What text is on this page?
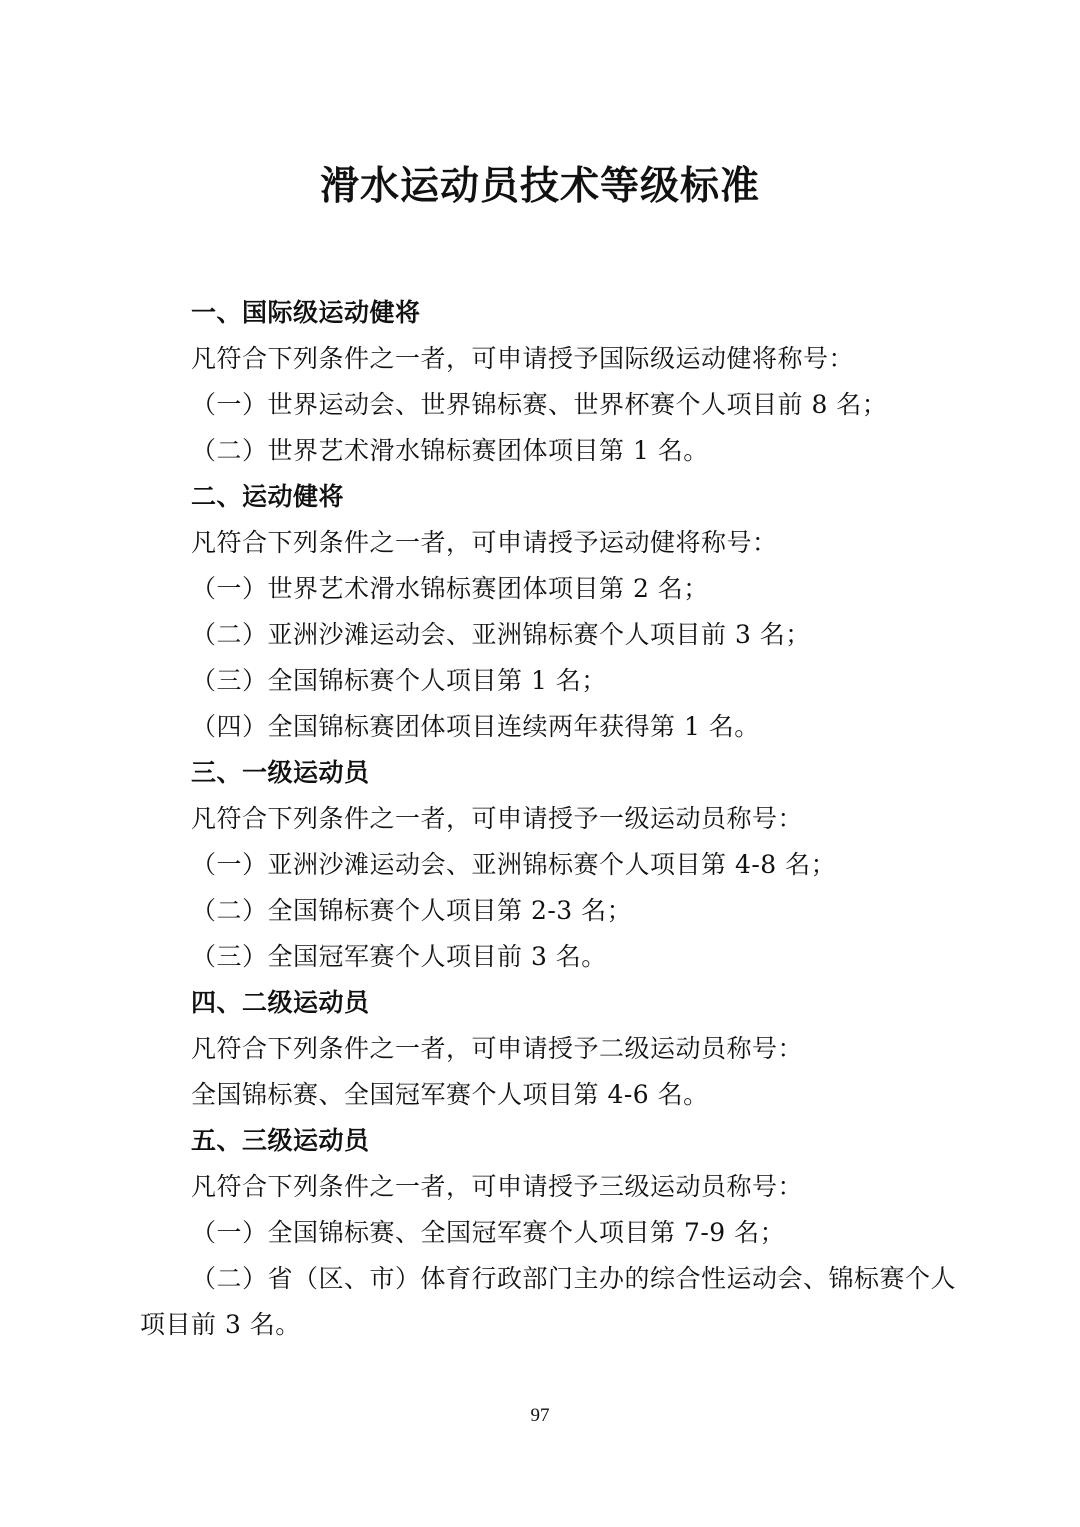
滑水运动员技术等级标准
一、国际级运动健将
凡符合下列条件之一者，可申请授予国际级运动健将称号：
（一）世界运动会、世界锦标赛、世界杯赛个人项目前 8 名；
（二）世界艺术滑水锦标赛团体项目第 1 名。
二、运动健将
凡符合下列条件之一者，可申请授予运动健将称号：
（一）世界艺术滑水锦标赛团体项目第 2 名；
（二）亚洲沙滩运动会、亚洲锦标赛个人项目前 3 名；
（三）全国锦标赛个人项目第 1 名；
（四）全国锦标赛团体项目连续两年获得第 1 名。
三、一级运动员
凡符合下列条件之一者，可申请授予一级运动员称号：
（一）亚洲沙滩运动会、亚洲锦标赛个人项目第 4-8 名；
（二）全国锦标赛个人项目第 2-3 名；
（三）全国冠军赛个人项目前 3 名。
四、二级运动员
凡符合下列条件之一者，可申请授予二级运动员称号：
全国锦标赛、全国冠军赛个人项目第 4-6 名。
五、三级运动员
凡符合下列条件之一者，可申请授予三级运动员称号：
（一）全国锦标赛、全国冠军赛个人项目第 7-9 名；
（二）省（区、市）体育行政部门主办的综合性运动会、锦标赛个人
项目前 3 名。
97
